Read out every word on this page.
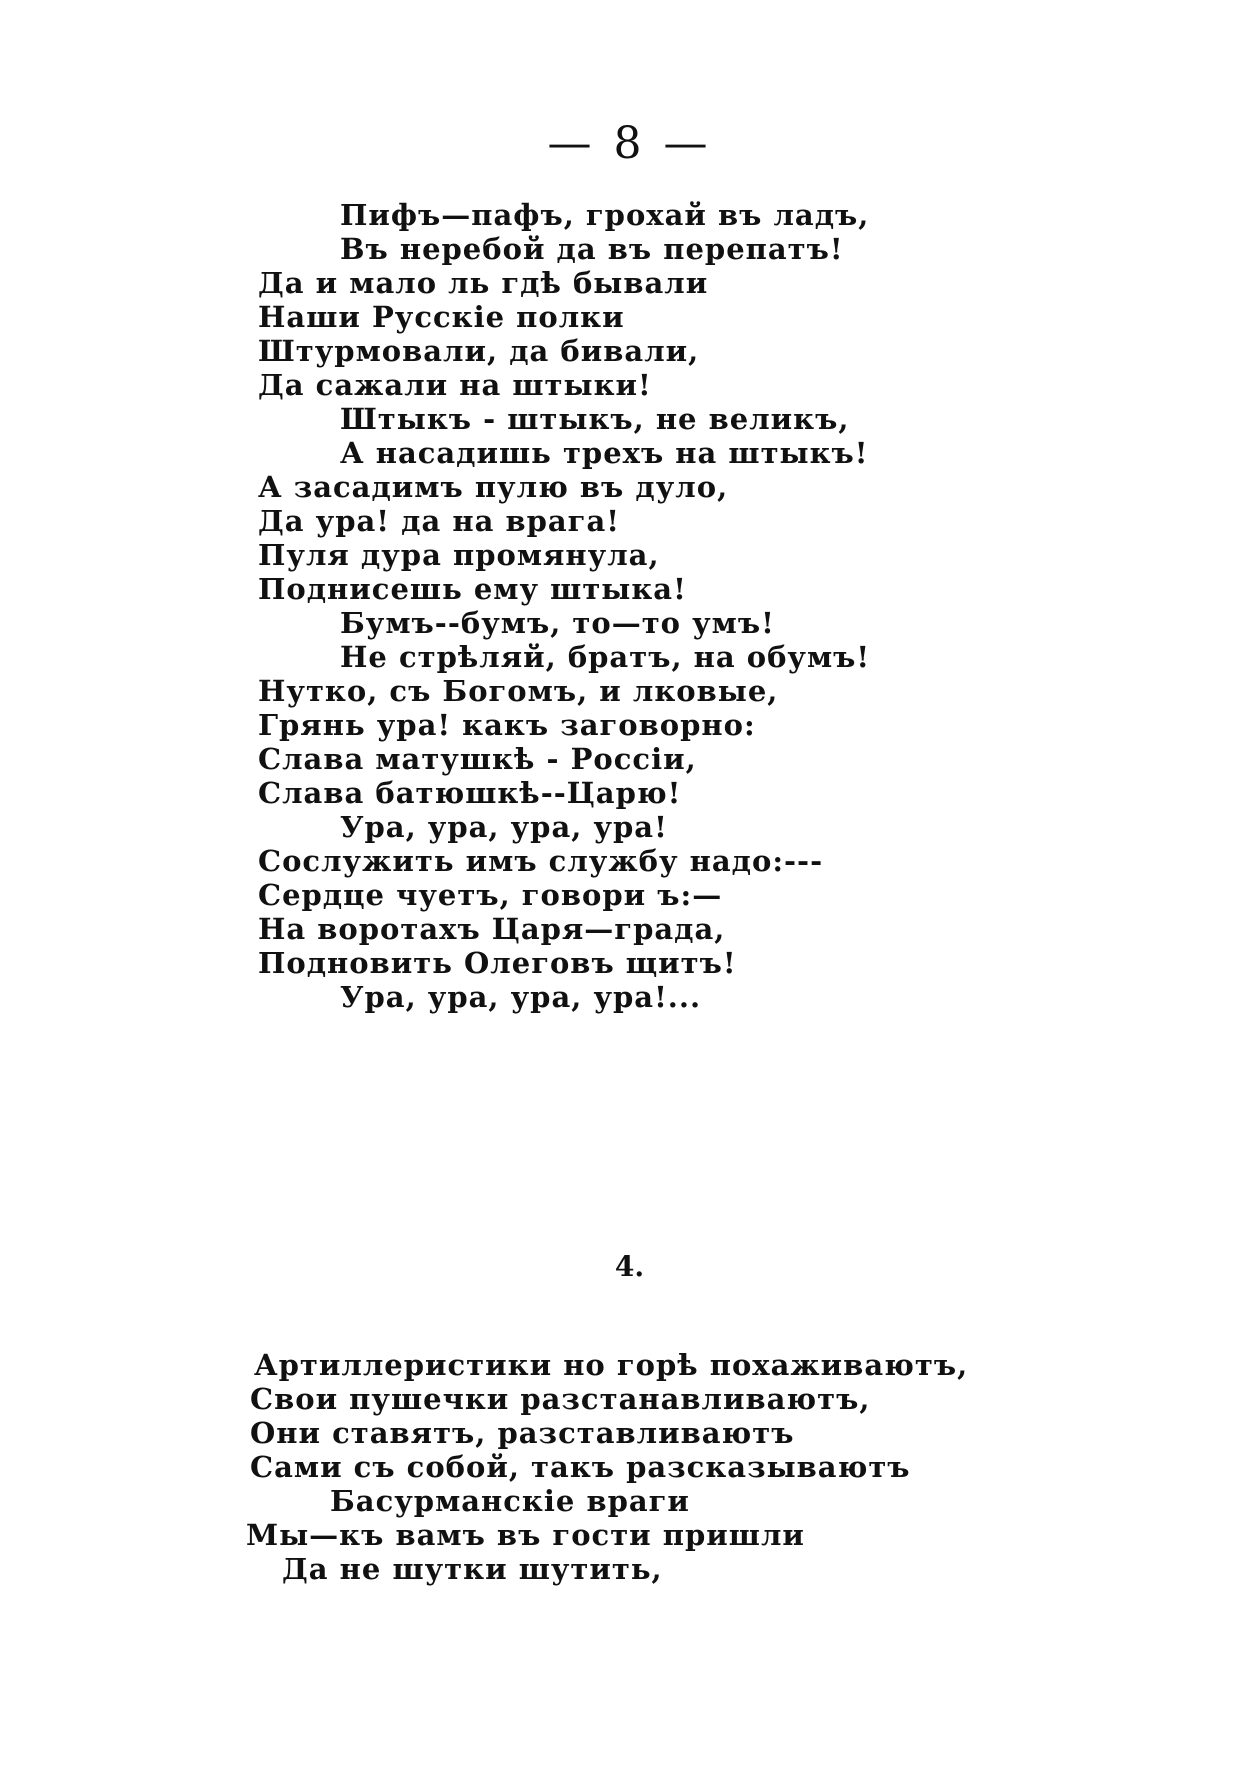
— 8 —
Пифъ—пафъ, грохай въ ладъ,
Въ неребой да въ перепатъ!
Да и мало ль гдѣ бывали
Наши Русскіе полки
Штурмовали, да бивали,
Да сажали на штыки!
Штыкъ - штыкъ, не великъ,
А насадишь трехъ на штыкъ!
А засадимъ пулю въ дуло,
Да ура! да на врага!
Пуля дура промянула,
Поднисешь ему штыка!
Бумъ--бумъ, то—то умъ!
Не стрѣляй, братъ, на обумъ!
Нутко, съ Богомъ, и лковые,
Грянь ура! какъ заговорно:
Слава матушкѣ - Россіи,
Слава батюшкѣ--Царю!
Ура, ура, ура, ура!
Сослужить имъ службу надо:---
Сердце чуетъ, говори ъ:—
На воротахъ Царя—града,
Подновить Олеговъ щитъ!
Ура, ура, ура, ура!...
4.
Артиллеристики но горѣ похаживаютъ,
Свои пушечки разстанавливаютъ,
Они ставятъ, разставливаютъ
Сами съ собой, такъ разсказываютъ
Басурманскіе враги
Мы—къ вамъ въ гости пришли
Да не шутки шутить,
